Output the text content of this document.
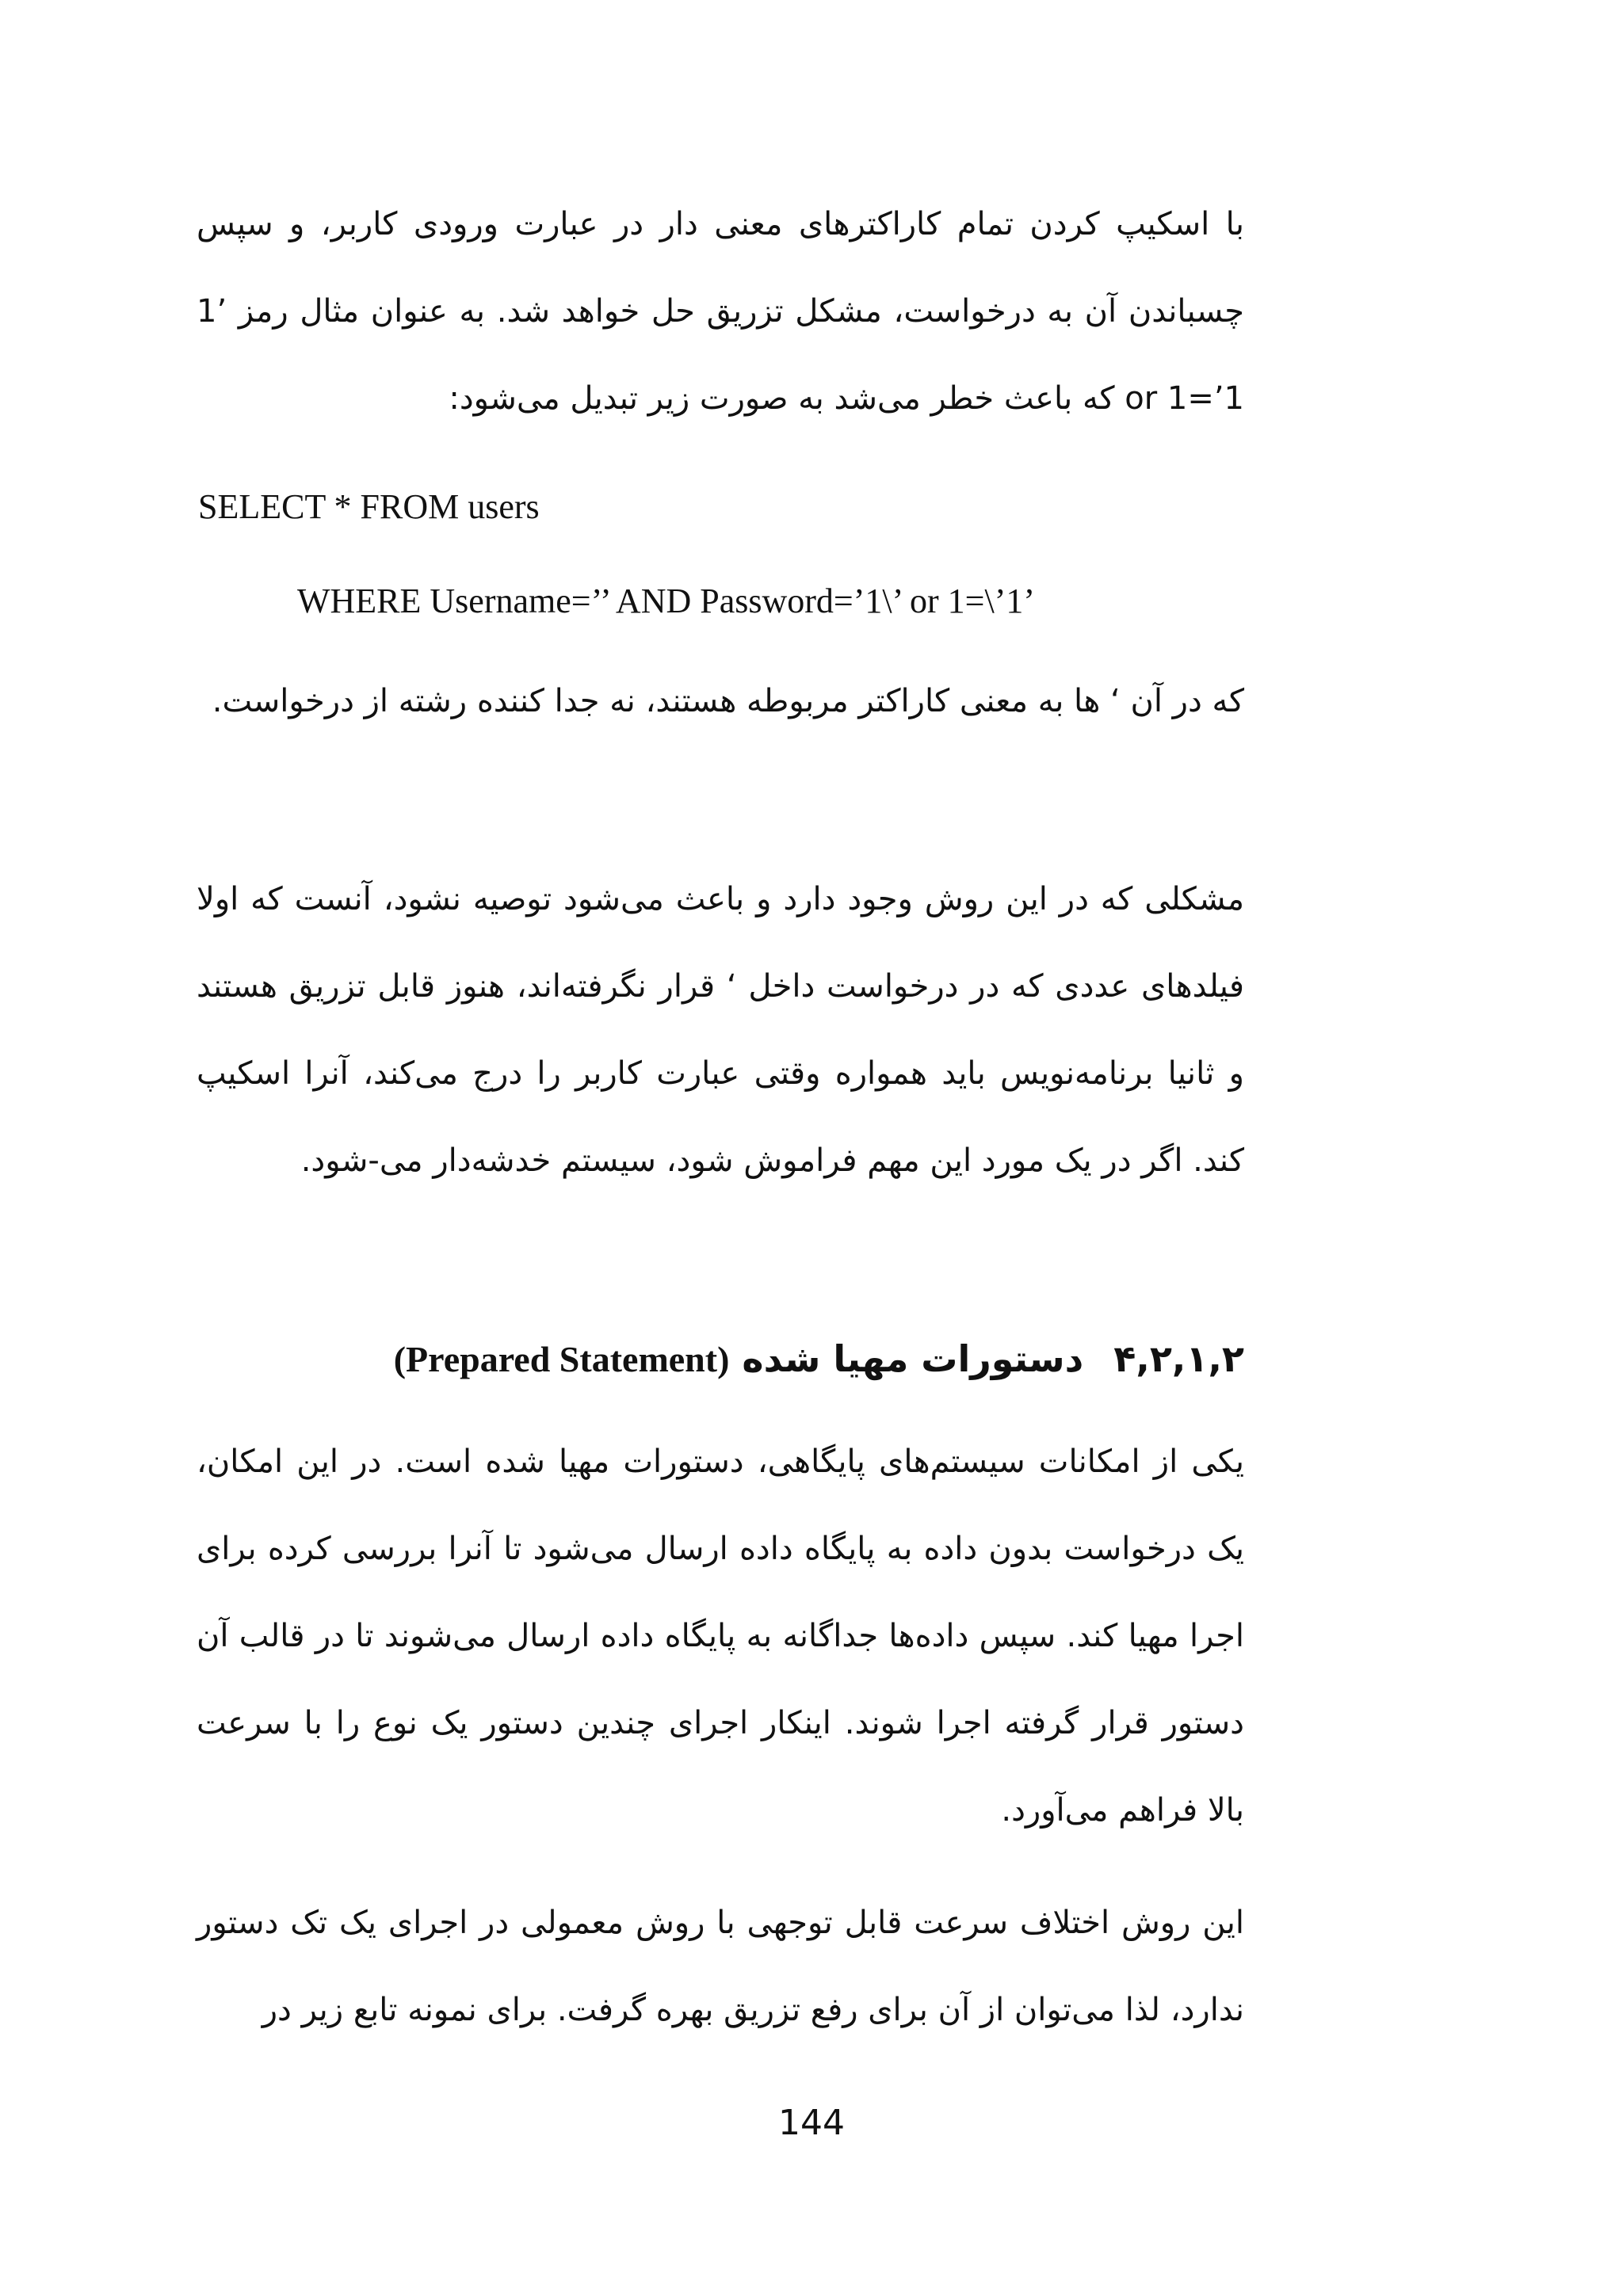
با اسکیپ کردن تمام کاراکترهای معنی دار در عبارت ورودی کاربر، و سپس چسباندن آن به درخواست، مشکل تزریق حل خواهد شد. به عنوان مثال رمز ’1 or 1=’1 که باعث خطر می‌شد به صورت زیر تبدیل می‌شود:

SELECT * FROM users

WHERE Username=’’ AND Password=’1\’ or 1=\’1’

که در آن ‘ ها به معنی کاراکتر مربوطه هستند، نه جدا کننده رشته از درخواست.

مشکلی که در این روش وجود دارد و باعث می‌شود توصیه نشود، آنست که اولا فیلدهای عددی که در درخواست داخل ‘ قرار نگرفته‌اند، هنوز قابل تزریق هستند و ثانیا برنامه‌نویس باید همواره وقتی عبارت کاربر را درج می‌کند، آنرا اسکیپ کند. اگر در یک مورد این مهم فراموش شود، سیستم خدشه‌دار می-شود.

۴,۲,۱,۲ دستورات مهیا شده (Prepared Statement)

یکی از امکانات سیستم‌های پایگاهی، دستورات مهیا شده است. در این امکان، یک درخواست بدون داده به پایگاه داده ارسال می‌شود تا آنرا بررسی کرده برای اجرا مهیا کند. سپس داده‌ها جداگانه به پایگاه داده ارسال می‌شوند تا در قالب آن دستور قرار گرفته اجرا شوند. اینکار اجرای چندین دستور یک نوع را با سرعت بالا فراهم می‌آورد.

این روش اختلاف سرعت قابل توجهی با روش معمولی در اجرای یک تک دستور ندارد، لذا می‌توان از آن برای رفع تزریق بهره گرفت. برای نمونه تابع زیر در

144
